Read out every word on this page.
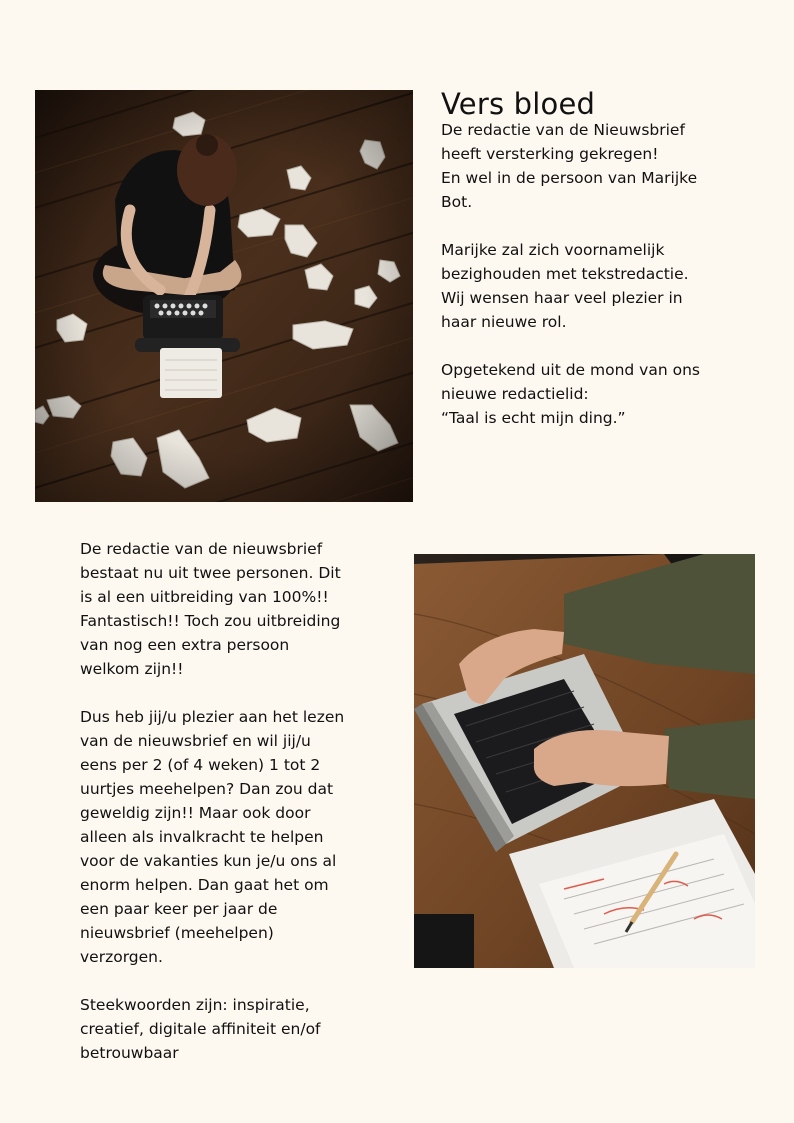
Vers bloed

De redactie van de Nieuwsbrief
heeft versterking gekregen!
En wel in de persoon van Marijke
Bot.

Marijke zal zich voornamelijk
bezighouden met tekstredactie.
Wij wensen haar veel plezier in
haar nieuwe rol.

Opgetekend uit de mond van ons
nieuwe redactielid:
“Taal is echt mijn ding.”

De redactie van de nieuwsbrief
bestaat nu uit twee personen. Dit
is al een uitbreiding van 100%!!
Fantastisch!! Toch zou uitbreiding
van nog een extra persoon
welkom zijn!!

Dus heb jij/u plezier aan het lezen
van de nieuwsbrief en wil jij/u
eens per 2 (of 4 weken) 1 tot 2
uurtjes meehelpen? Dan zou dat
geweldig zijn!! Maar ook door
alleen als invalkracht te helpen
voor de vakanties kun je/u ons al
enorm helpen. Dan gaat het om
een paar keer per jaar de
nieuwsbrief (meehelpen)
verzorgen.

Steekwoorden zijn: inspiratie,
creatief, digitale affiniteit en/of
betrouwbaar
